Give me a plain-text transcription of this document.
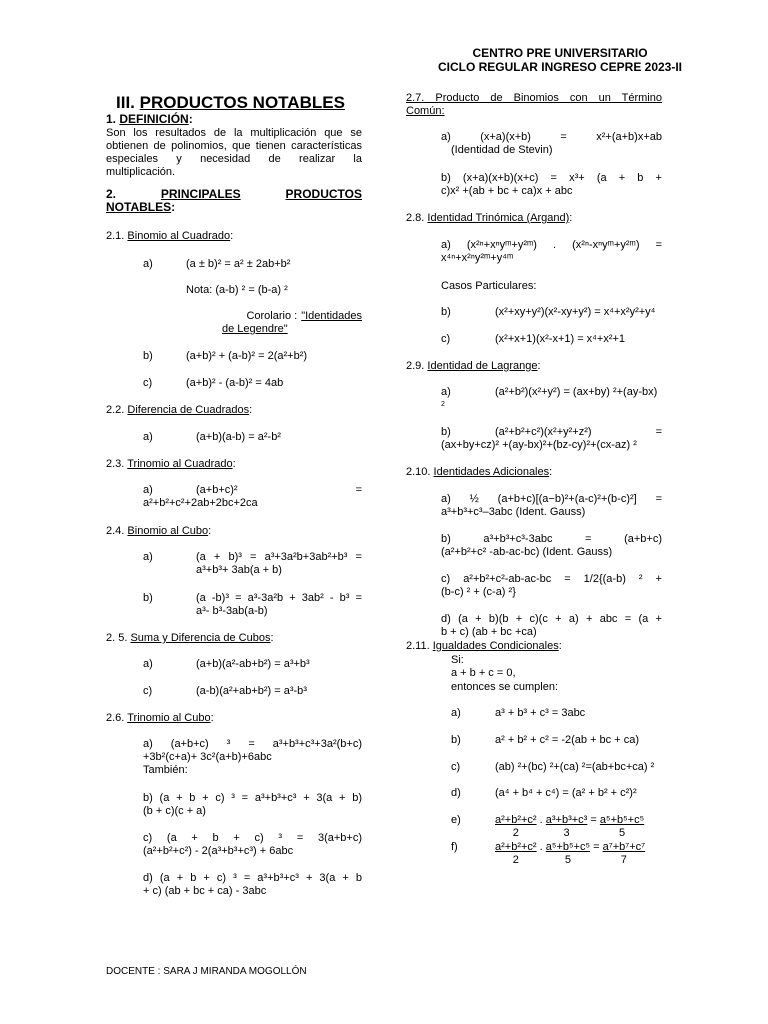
CENTRO PRE UNIVERSITARIO
CICLO REGULAR INGRESO CEPRE 2023-II
III. PRODUCTOS NOTABLES
1. DEFINICIÓN:
Son los resultados de la multiplicación que se
obtienen de polinomios, que tienen características
especiales y necesidad de realizar la
multiplicación.
2.	PRINCIPALES	PRODUCTOS
NOTABLES:
2.1. Binomio al Cuadrado:
a)	(a ± b)² = a² ± 2ab+b²
Nota: (a-b) ² = (b-a) ²
Corolario : "Identidades
de Legendre"
b)	(a+b)² + (a-b)² = 2(a²+b²)
c)	(a+b)² - (a-b)² = 4ab
2.2. Diferencia de Cuadrados:
a)	(a+b)(a-b) = a²-b²
2.3. Trinomio al Cuadrado:
a)	(a+b+c)²	=
a²+b²+c²+2ab+2bc+2ca
2.4. Binomio al Cubo:
a)	(a + b)³ = a³+3a²b+3ab²+b³ =
a³+b³+ 3ab(a + b)
b)	(a -b)³ = a³-3a²b + 3ab² - b³ =
a³- b³-3ab(a-b)
2. 5. Suma y Diferencia de Cubos:
a)	(a+b)(a²-ab+b²) = a³+b³
c)	(a-b)(a²+ab+b²) = a³-b³
2.6. Trinomio al Cubo:
a) (a+b+c) ³ = a³+b³+c³+3a²(b+c)
+3b²(c+a)+ 3c²(a+b)+6abc
También:
b) (a + b + c) ³ = a³+b³+c³ + 3(a + b)
(b + c)(c + a)
c) (a + b + c) ³ = 3(a+b+c)
(a²+b²+c²) - 2(a³+b³+c³) + 6abc
d) (a + b + c) ³ = a³+b³+c³ + 3(a + b
+ c) (ab + bc + ca) - 3abc
DOCENTE : SARA J MIRANDA MOGOLLÓN
2.7. Producto de Binomios con un Término
Común:
a)	(x+a)(x+b) = x²+(a+b)x+ab
(Identidad de Stevin)
b) (x+a)(x+b)(x+c) = x³+ (a + b +
c)x² +(ab + bc + ca)x + abc
2.8. Identidad Trinómica (Argand):
a) (x²ⁿ+xⁿyᵐ+y²ᵐ) . (x²ⁿ-xⁿyᵐ+y²ᵐ) =
x⁴ⁿ+x²ⁿy²ᵐ+y⁴ᵐ
Casos Particulares:
b)	(x²+xy+y²)(x²-xy+y²) = x⁴+x²y²+y⁴
c)	(x²+x+1)(x²-x+1) = x⁴+x²+1
2.9. Identidad de Lagrange:
a)	(a²+b²)(x²+y²) = (ax+by) ²+(ay-bx)
2
b)	(a²+b²+c²)(x²+y²+z²)	=
(ax+by+cz)² +(ay-bx)²+(bz-cy)²+(cx-az) ²
2.10. Identidades Adicionales:
a) ½ (a+b+c)[(a−b)²+(a-c)²+(b-c)²] =
a³+b³+c³–3abc (Ident. Gauss)
b)	a³+b³+c³-3abc = (a+b+c)
(a²+b²+c² -ab-ac-bc) (Ident. Gauss)
c) a²+b²+c²-ab-ac-bc = 1/2{(a-b) ² +
(b-c) ² + (c-a) ²}
d) (a + b)(b + c)(c + a) + abc = (a +
b + c) (ab + bc +ca)
2.11. Igualdades Condicionales:
Si:
a + b + c = 0,
entonces se cumplen:
a)	a³ + b³ + c³ = 3abc
b)	a² + b² + c² = -2(ab + bc + ca)
c)	(ab) ²+(bc) ²+(ca) ²=(ab+bc+ca) ²
d)	(a⁴ + b⁴ + c⁴) = (a² + b² + c²)²
e)	$\frac{\text{a²+b²+c²}}{2}$ . $\frac{\text{a³+b³+c³}}{3} = \frac{\text{a⁵+b⁵+c⁵}}{5}$
f)	$\frac{\text{a²+b²+c²}}{2}$ . $\frac{\text{a⁵+b⁵+c⁵}}{5} = \frac{\text{a⁷+b⁷+c⁷}}{7}$
